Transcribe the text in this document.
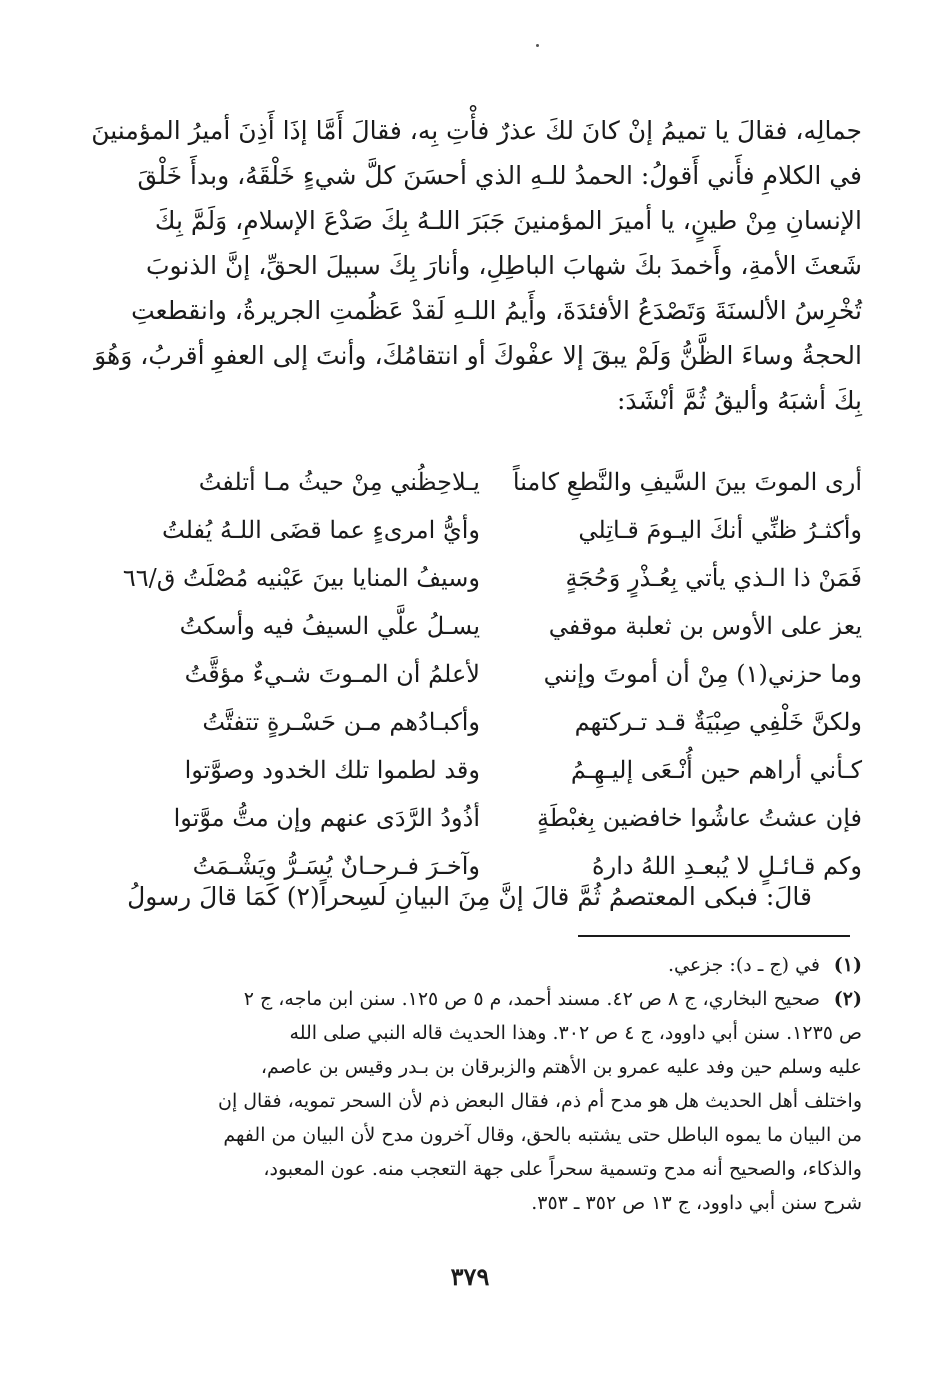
جمالِه، فقالَ يا تميمُ إنْ كانَ لكَ عذرٌ فأْتِ بِه، فقالَ أَمَّا إذَا أَذِنَ أميرُ المؤمنينَ
في الكلامِ فأَني أَقولُ: الحمدُ للـهِ الذي أحسَنَ كلَّ شيءٍ خَلْقَهُ، وبدأَ خَلْقَ
الإنسانِ مِنْ طينٍ، يا أميرَ المؤمنينَ جَبَرَ اللـهُ بِكَ صَدْعَ الإسلامِ، وَلَمَّ بِكَ
شَعثَ الأمةِ، وأَخمدَ بكَ شهابَ الباطِلِ، وأنارَ بِكَ سبيلَ الحقِّ، إنَّ الذنوبَ
تُخْرِسُ الألسنَةَ وَتَصْدَعُ الأفئدَةَ، وأَيمُ اللـهِ لَقدْ عَظُمتِ الجريرةُ، وانقطعتِ
الحجةُ وساءَ الظَّنُّ وَلَمْ يبقَ إلا عفْوكَ أو انتقامُكَ، وأنتَ إلى العفوِ أقربُ، وَهُوَ
بِكَ أشبَهُ وأليقُ ثُمَّ أنْشَدَ:
أرى الموتَ بينَ السَّيفِ والنَّطعِ كامناً
يـلاحِظُني مِنْ حيثُ مـا أتلفتُ
وأكثـرُ ظنِّي أنكَ اليـومَ قـاتِلي
وأيُّ امرىءٍ عما قضَى اللـهُ يُفلتُ
فَمَنْ ذا الـذي يأتي بِعُـذْرٍ وَحُجَةٍ
وسيفُ المنايا بينَ عَيْنيه مُصْلَتُ ق/٦٦
يعز على الأوس بن ثعلبة موقفي
يسـلُ علَّي السيفُ فيه وأسكتُ
وما حزني(١) مِنْ أن أموتَ وإنني
لأعلمُ أن المـوتَ شـيءٌ مؤقَّتُ
ولكنَّ خَلْفِي صِبْيَةٌ قـد تـركتهم
وأكبـادُهم مـن حَسْـرةٍ تتفتَّتُ
كـأني أراهم حين أُنْـعَى إليـهِـمُ
وقد لطموا تلك الخدود وصوَّتوا
فإن عشتُ عاشُوا خافضين بِغبْطَةٍ
أذُودُ الرَّدَى عنهم وإن متُّ موَّتوا
وكم قـائـلٍ لا يُبعـدِ اللهُ دارهُ
وآخـرَ فـرحـانٌ يُسَـرُّ ويَشْـمَتُ
قالَ: فبكى المعتصمُ ثُمَّ قالَ إنَّ مِنَ البيانِ لَسِحراً(٢) كَمَا قالَ رسولُ
(١)في (ج ـ د): جزعي.
(٢)صحيح البخاري، ج ٨ ص ٤٢. مسند أحمد، م ٥ ص ١٢٥. سنن ابن ماجه، ج ٢
ص ١٢٣٥. سنن أبي داوود، ج ٤ ص ٣٠٢. وهذا الحديث قاله النبي صلى الله
عليه وسلم حين وفد عليه عمرو بن الأهتم والزبرقان بن بـدر وقيس بن عاصم،
واختلف أهل الحديث هل هو مدح أم ذم، فقال البعض ذم لأن السحر تمويه، فقال إن
من البيان ما يموه الباطل حتى يشتبه بالحق، وقال آخرون مدح لأن البيان من الفهم
والذكاء، والصحيح أنه مدح وتسمية سحراً على جهة التعجب منه. عون المعبود،
شرح سنن أبي داوود، ج ١٣ ص ٣٥٢ ـ ٣٥٣.
٣٧٩
